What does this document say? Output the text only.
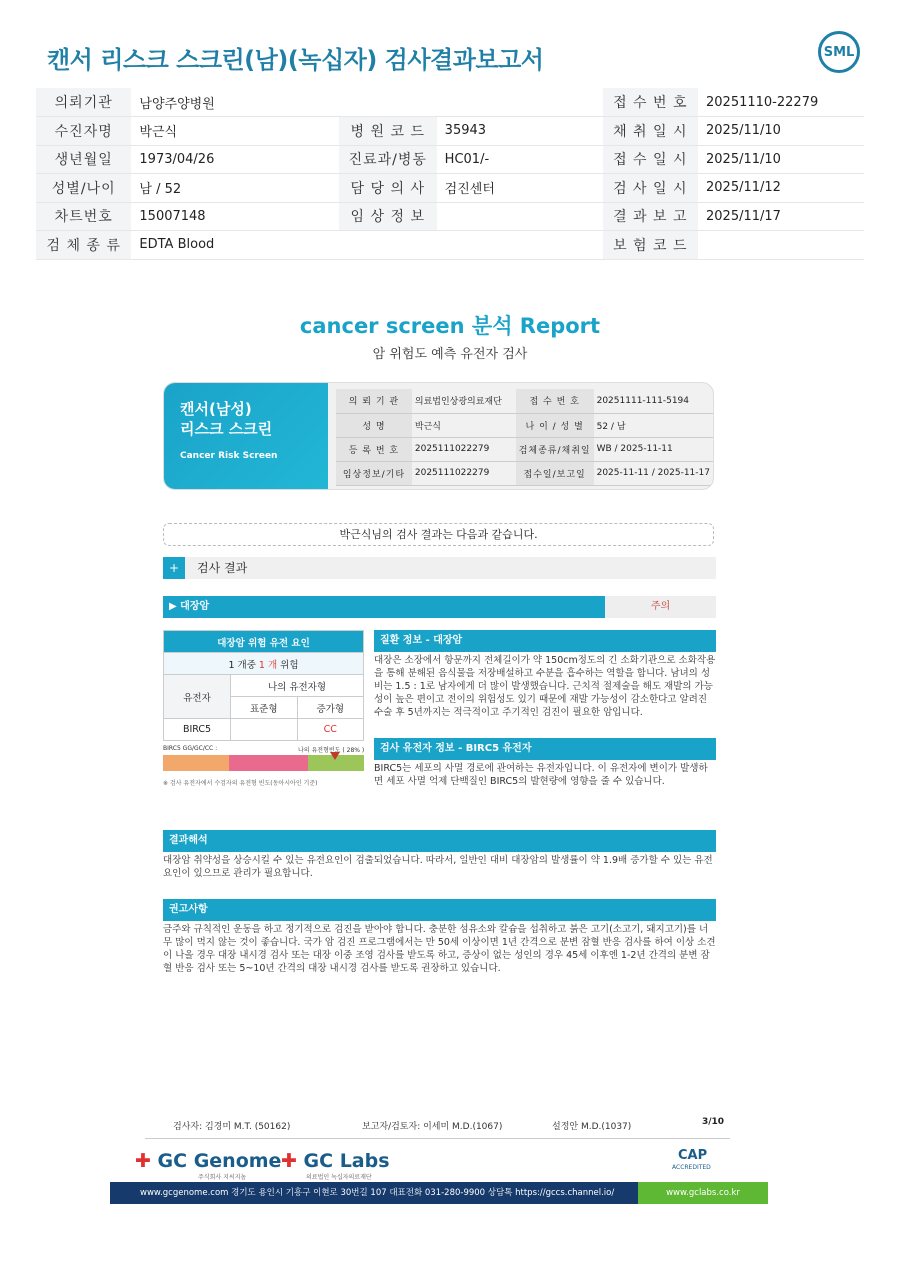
캔서 리스크 스크린(남)(녹십자) 검사결과보고서	SML
의뢰기관	남양주양병원			접 수 번 호	20251110-22279
수진자명	박근식	병 원 코 드	35943	채 취 일 시	2025/11/10
생년월일	1973/04/26	진료과/병동	HC01/-	접 수 일 시	2025/11/10
성별/나이	남 / 52	담 당 의 사	검진센터	검 사 일 시	2025/11/12
차트번호	15007148	임 상 정 보		결 과 보 고	2025/11/17
검 체 종 류	EDTA Blood			보 험 코 드	
cancer screen 분석 Report
암 위험도 예측 유전자 검사
캔서(남성)
리스크 스크린
Cancer Risk Screen
의 뢰 기 관	의료법인상광의료재단	접 수 번 호	20251111-111-5194
성 명	박근식	나 이 / 성 별	52 / 남
등 록 번 호	2025111022279	검체종류/채취일	WB / 2025-11-11
임상정보/기타	2025111022279	접수일/보고일	2025-11-11 / 2025-11-17
박근식님의 검사 결과는 다음과 같습니다.
+	검사 결과
▶ 대장암	주의
대장암 위험 유전 요인		
1 개중 1 개 위험		
유전자	나의 유전자형	
	표준형	증가형
BIRC5		CC
BIRC5 GG/GC/CC :	나의 유전형빈도 ( 28% )
※ 검사 유전자에서 수검자의 유전형 빈도(동아시아인 기준)
질환 정보 - 대장암
대장은 소장에서 항문까지 전체길이가 약 150cm정도의 긴 소화기관으로 소화작용을 통해 분해된 음식물을 저장배설하고 수분을 흡수하는 역할을 합니다. 남녀의 성비는 1.5 : 1로 남자에게 더 많이 발생했습니다. 근치적 절제술을 해도 재발의 가능성이 높은 편이고 전이의 위험성도 있기 때문에 재발 가능성이 감소한다고 알려진 수술 후 5년까지는 적극적이고 주기적인 검진이 필요한 암입니다.
검사 유전자 정보 - BIRC5 유전자
BIRC5는 세포의 사멸 경로에 관여하는 유전자입니다. 이 유전자에 변이가 발생하면 세포 사멸 억제 단백질인 BIRC5의 발현량에 영향을 줄 수 있습니다.
결과해석
대장암 취약성을 상승시킬 수 있는 유전요인이 검출되었습니다. 따라서, 일반인 대비 대장암의 발생률이 약 1.9배 증가할 수 있는 유전요인이 있으므로 관리가 필요합니다.
권고사항
금주와 규칙적인 운동을 하고 정기적으로 검진을 받아야 합니다. 충분한 섬유소와 칼슘을 섭취하고 붉은 고기(소고기, 돼지고기)를 너무 많이 먹지 않는 것이 좋습니다. 국가 암 검진 프로그램에서는 만 50세 이상이면 1년 간격으로 분변 잠혈 반응 검사를 하여 이상 소견이 나올 경우 대장 내시경 검사 또는 대장 이중 조영 검사를 받도록 하고, 증상이 없는 성인의 경우 45세 이후엔 1-2년 간격의 분변 잠혈 반응 검사 또는 5~10년 간격의 대장 내시경 검사를 받도록 권장하고 있습니다.
검사자: 김경미 M.T. (50162)	보고자/검토자: 이세미 M.D.(1067)	설정안 M.D.(1037)	3/10
✚ GC Genome
주식회사 지씨지놈
✚ GC Labs
의료법인 녹십자의료재단
CAP
ACCREDITED
www.gcgenome.com 경기도 용인시 기흥구 이현로 30번길 107 대표전화 031-280-9900 상담톡 https://gccs.channel.io/	www.gclabs.co.kr
